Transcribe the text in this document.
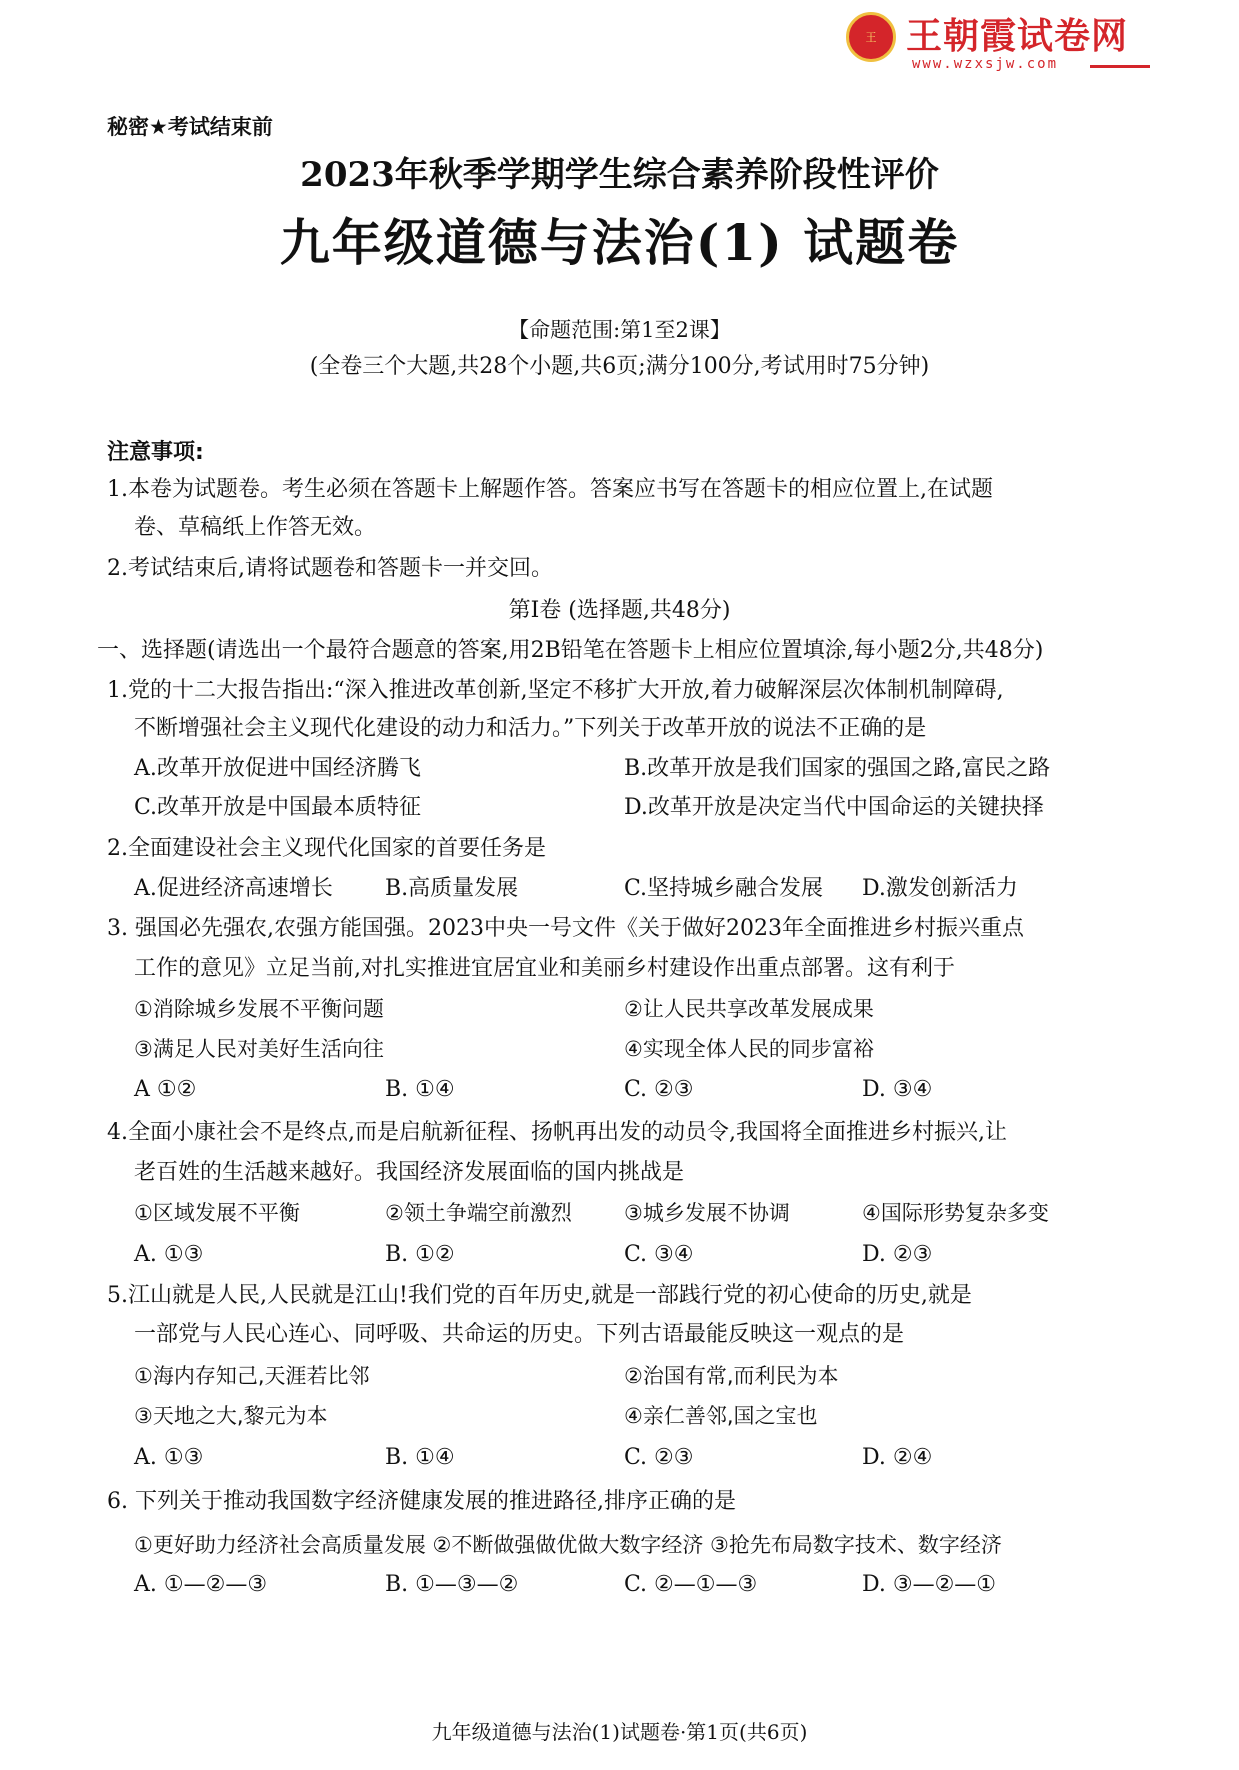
王 王朝霞试卷网
www.wzxsjw.com
秘密★考试结束前
2023年秋季学期学生综合素养阶段性评价
九年级道德与法治(1) 试题卷
【命题范围:第1至2课】
(全卷三个大题,共28个小题,共6页;满分100分,考试用时75分钟)
注意事项:
1.本卷为试题卷。考生必须在答题卡上解题作答。答案应书写在答题卡的相应位置上,在试题
卷、草稿纸上作答无效。
2.考试结束后,请将试题卷和答题卡一并交回。
第Ⅰ卷 (选择题,共48分)
一、选择题(请选出一个最符合题意的答案,用2B铅笔在答题卡上相应位置填涂,每小题2分,共48分)
1.党的十二大报告指出:“深入推进改革创新,坚定不移扩大开放,着力破解深层次体制机制障碍,
不断增强社会主义现代化建设的动力和活力。”下列关于改革开放的说法不正确的是
A.改革开放促进中国经济腾飞	B.改革开放是我们国家的强国之路,富民之路
C.改革开放是中国最本质特征	D.改革开放是决定当代中国命运的关键抉择
2.全面建设社会主义现代化国家的首要任务是
A.促进经济高速增长 B.高质量发展	C.坚持城乡融合发展 D.激发创新活力
3. 强国必先强农,农强方能国强。2023中央一号文件《关于做好2023年全面推进乡村振兴重点
工作的意见》立足当前,对扎实推进宜居宜业和美丽乡村建设作出重点部署。这有利于
①消除城乡发展不平衡问题	②让人民共享改革发展成果
③满足人民对美好生活向往	④实现全体人民的同步富裕
A ①②	B. ①④	C. ②③	D. ③④
4.全面小康社会不是终点,而是启航新征程、扬帆再出发的动员令,我国将全面推进乡村振兴,让
老百姓的生活越来越好。我国经济发展面临的国内挑战是
①区域发展不平衡	②领土争端空前激烈 ③城乡发展不协调	④国际形势复杂多变
A. ①③	B. ①②	C. ③④	D. ②③
5.江山就是人民,人民就是江山!我们党的百年历史,就是一部践行党的初心使命的历史,就是
一部党与人民心连心、同呼吸、共命运的历史。下列古语最能反映这一观点的是
①海内存知己,天涯若比邻	②治国有常,而利民为本
③天地之大,黎元为本	④亲仁善邻,国之宝也
A. ①③	B. ①④	C. ②③	D. ②④
6. 下列关于推动我国数字经济健康发展的推进路径,排序正确的是
①更好助力经济社会高质量发展 ②不断做强做优做大数字经济 ③抢先布局数字技术、数字经济
A. ①—②—③	B. ①—③—②	C. ②—①—③	D. ③—②—①
九年级道德与法治(1)试题卷·第1页(共6页)
